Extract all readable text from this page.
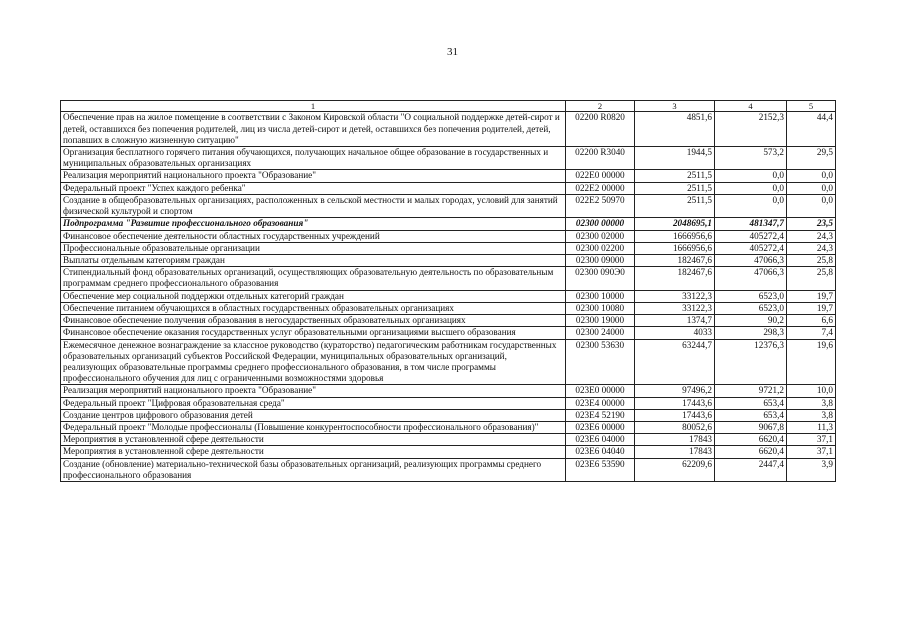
31
1	2	3	4	5
Обеспечение прав на жилое помещение в соответствии с Законом Кировской области "О социальной поддержке детей-сирот и детей, оставшихся без попечения родителей, лиц из числа детей-сирот и детей, оставшихся без попечения родителей, детей, попавших в сложную жизненную ситуацию"	02200 R0820	4851,6	2152,3	44,4
Организация бесплатного горячего питания обучающихся, получающих начальное общее образование в государственных и муниципальных образовательных организациях	02200 R3040	1944,5	573,2	29,5
Реализация мероприятий национального проекта "Образование"	022Е0 00000	2511,5	0,0	0,0
Федеральный проект "Успех каждого ребенка"	022Е2 00000	2511,5	0,0	0,0
Создание в общеобразовательных организациях, расположенных в сельской местности и малых городах, условий для занятий физической культурой и спортом	022Е2 50970	2511,5	0,0	0,0
Подпрограмма "Развитие профессионального образования"	02300 00000	2048695,1	481347,7	23,5
Финансовое обеспечение деятельности областных государственных учреждений	02300 02000	1666956,6	405272,4	24,3
Профессиональные образовательные организации	02300 02200	1666956,6	405272,4	24,3
Выплаты отдельным категориям граждан	02300 09000	182467,6	47066,3	25,8
Стипендиальный фонд образовательных организаций, осуществляющих образовательную деятельность по образовательным программам среднего профессионального образования	02300 090Э0	182467,6	47066,3	25,8
Обеспечение мер социальной поддержки отдельных категорий граждан	02300 10000	33122,3	6523,0	19,7
Обеспечение питанием обучающихся в областных государственных образовательных организациях	02300 10080	33122,3	6523,0	19,7
Финансовое обеспечение получения образования в негосударственных образовательных организациях	02300 19000	1374,7	90,2	6,6
Финансовое обеспечение оказания государственных услуг образовательными организациями высшего образования	02300 24000	4033	298,3	7,4
Ежемесячное денежное вознаграждение за классное руководство (кураторство) педагогическим работникам государственных образовательных организаций субъектов Российской Федерации, муниципальных образовательных организаций, реализующих образовательные программы среднего профессионального образования, в том числе программы профессионального обучения для лиц с ограниченными возможностями здоровья	02300 53630	63244,7	12376,3	19,6
Реализация мероприятий национального проекта "Образование"	023Е0 00000	97496,2	9721,2	10,0
Федеральный проект "Цифровая образовательная среда"	023Е4 00000	17443,6	653,4	3,8
Создание центров цифрового образования детей	023Е4 52190	17443,6	653,4	3,8
Федеральный проект "Молодые профессионалы (Повышение конкурентоспособности профессионального образования)"	023Е6 00000	80052,6	9067,8	11,3
Мероприятия в установленной сфере деятельности	023Е6 04000	17843	6620,4	37,1
Мероприятия в установленной сфере деятельности	023Е6 04040	17843	6620,4	37,1
Создание (обновление) материально-технической базы образовательных организаций, реализующих программы среднего профессионального образования	023Е6 53590	62209,6	2447,4	3,9
